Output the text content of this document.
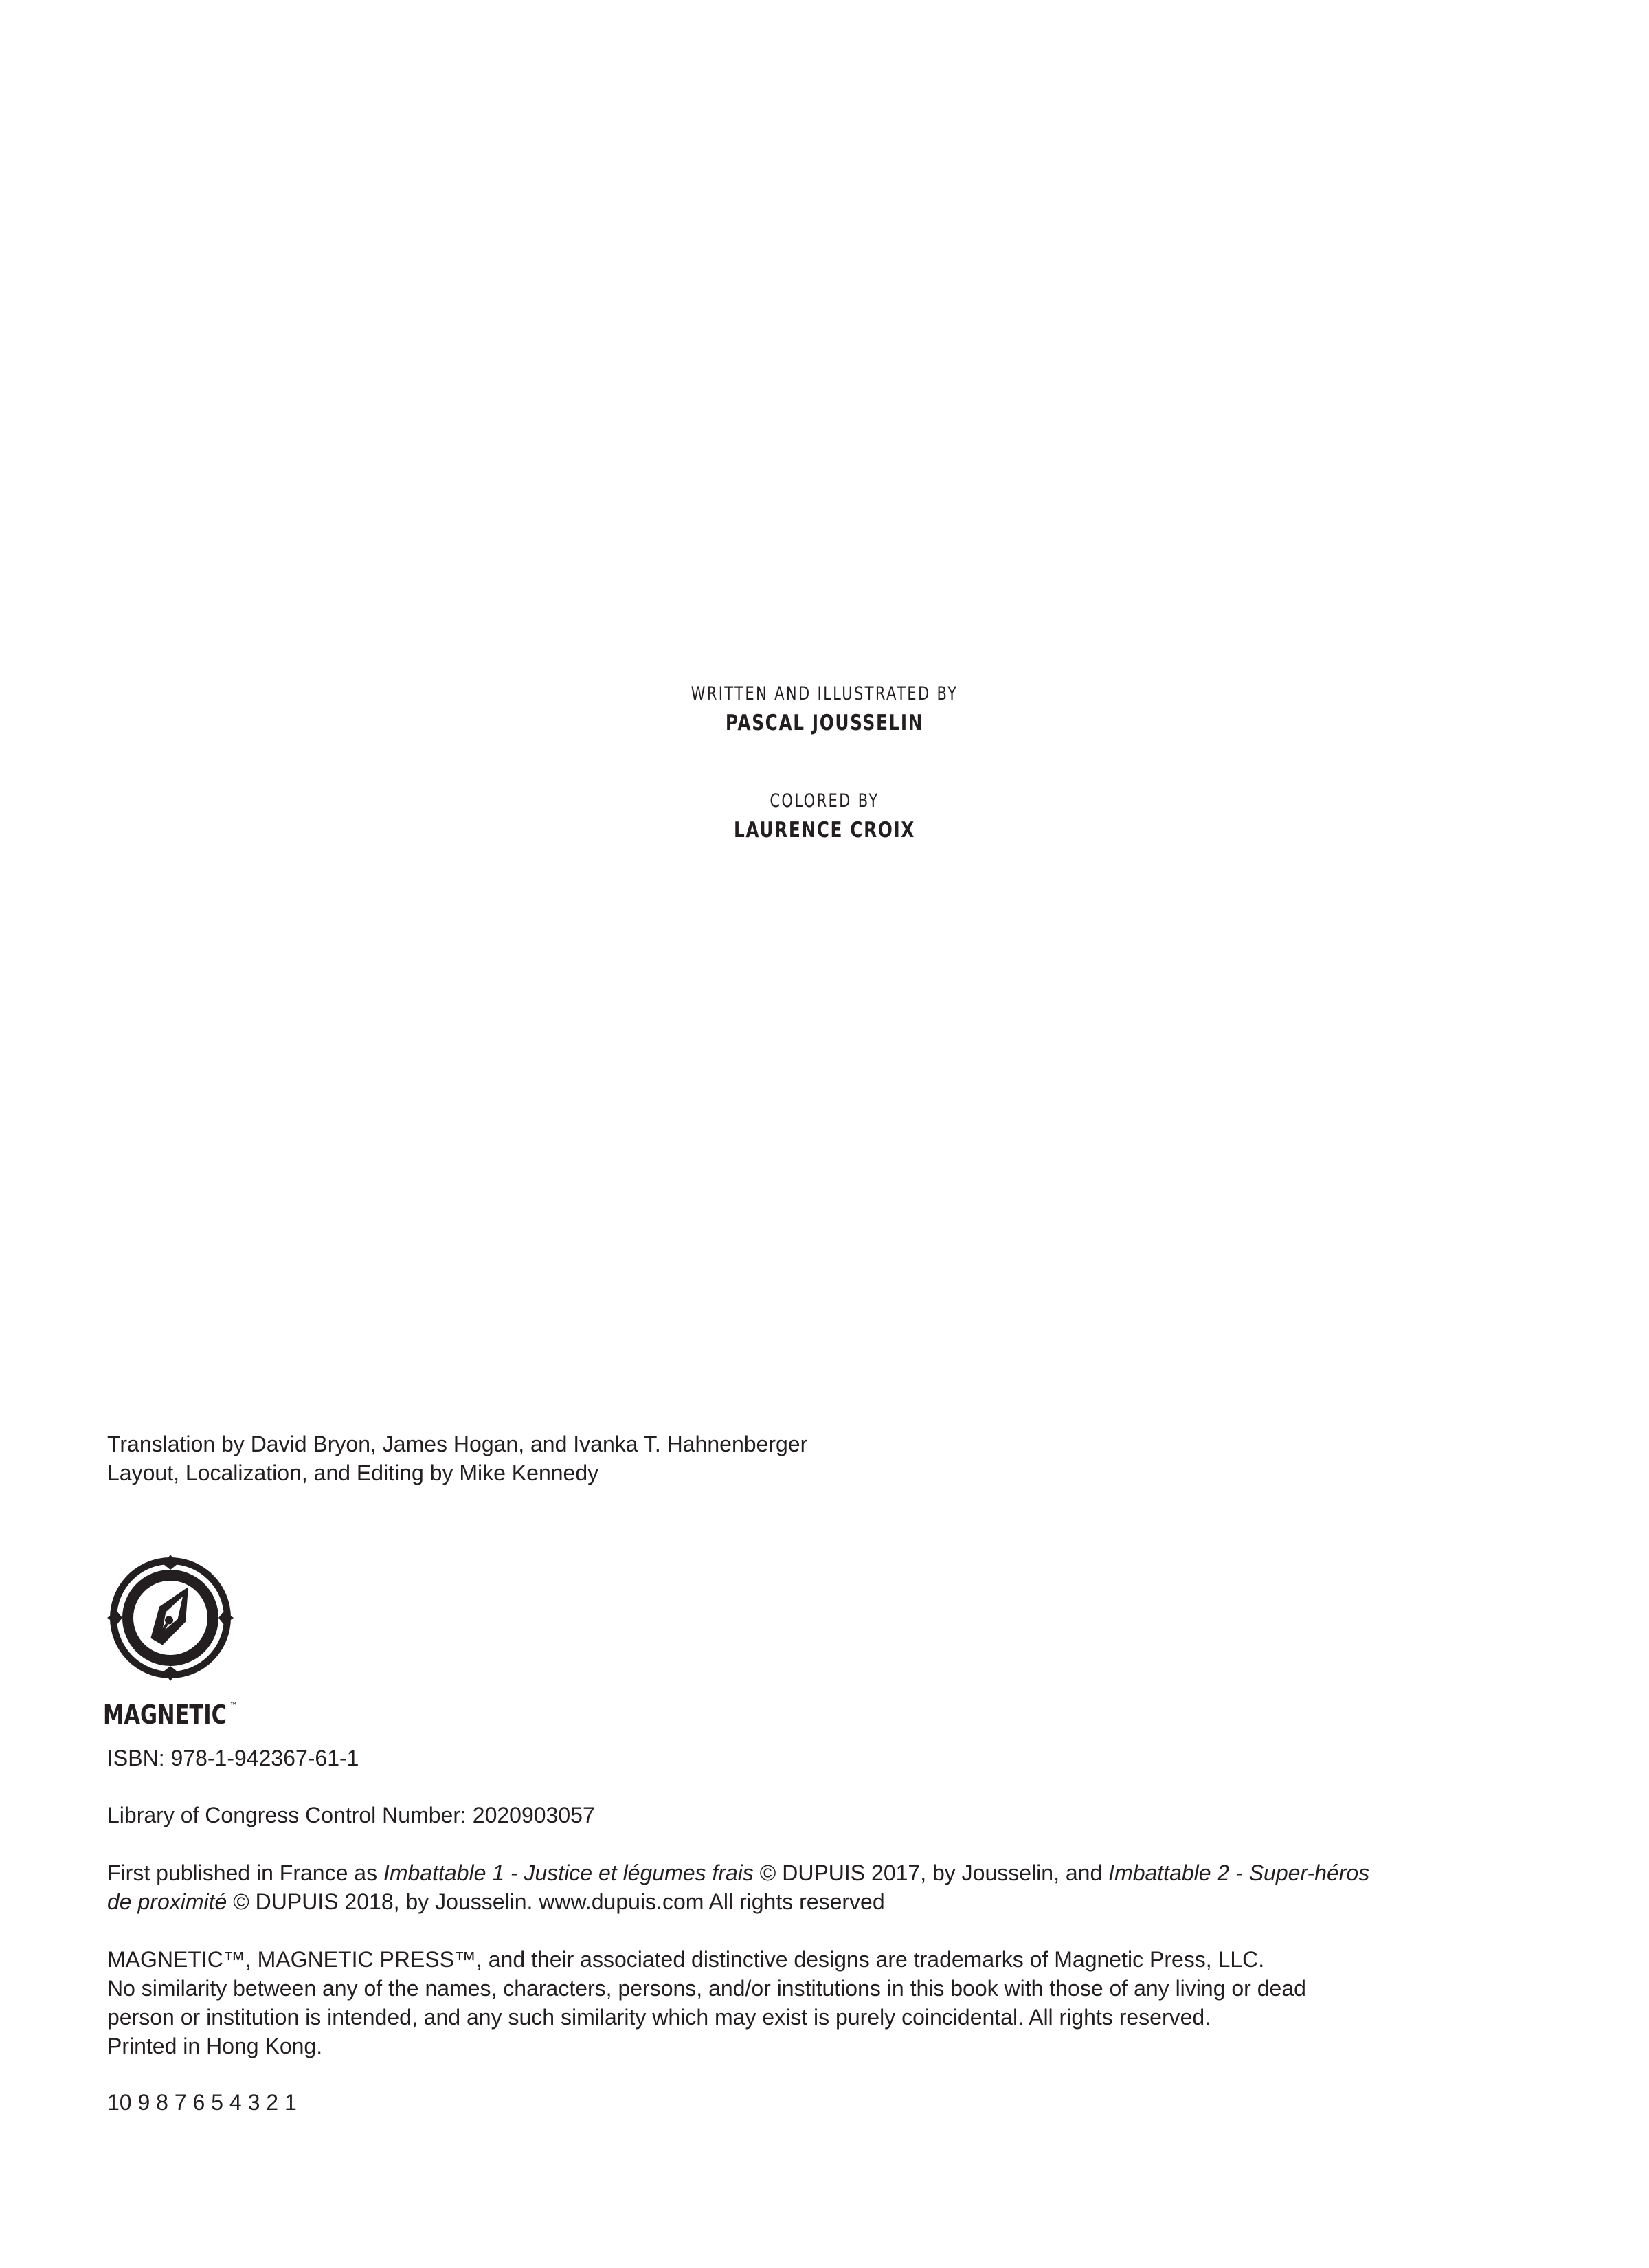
WRITTEN AND ILLUSTRATED BY
PASCAL JOUSSELIN
COLORED BY
LAURENCE CROIX

Translation by David Bryon, James Hogan, and Ivanka T. Hahnenberger

Layout, Localization, and Editing by Mike Kennedy

MAGNETIC ™
ISBN: 978-1-942367-61-1
Library of Congress Control Number: 2020903057

First published in France as Imbattable 1 - Justice et légumes frais © DUPUIS 2017, by Jousselin, and Imbattable 2 - Super-héros

de proximité © DUPUIS 2018, by Jousselin. www.dupuis.com All rights reserved

MAGNETIC™, MAGNETIC PRESS™, and their associated distinctive designs are trademarks of Magnetic Press, LLC.

No similarity between any of the names, characters, persons, and/or institutions in this book with those of any living or dead

person or institution is intended, and any such similarity which may exist is purely coincidental. All rights reserved.

Printed in Hong Kong.

10 9 8 7 6 5 4 3 2 1
